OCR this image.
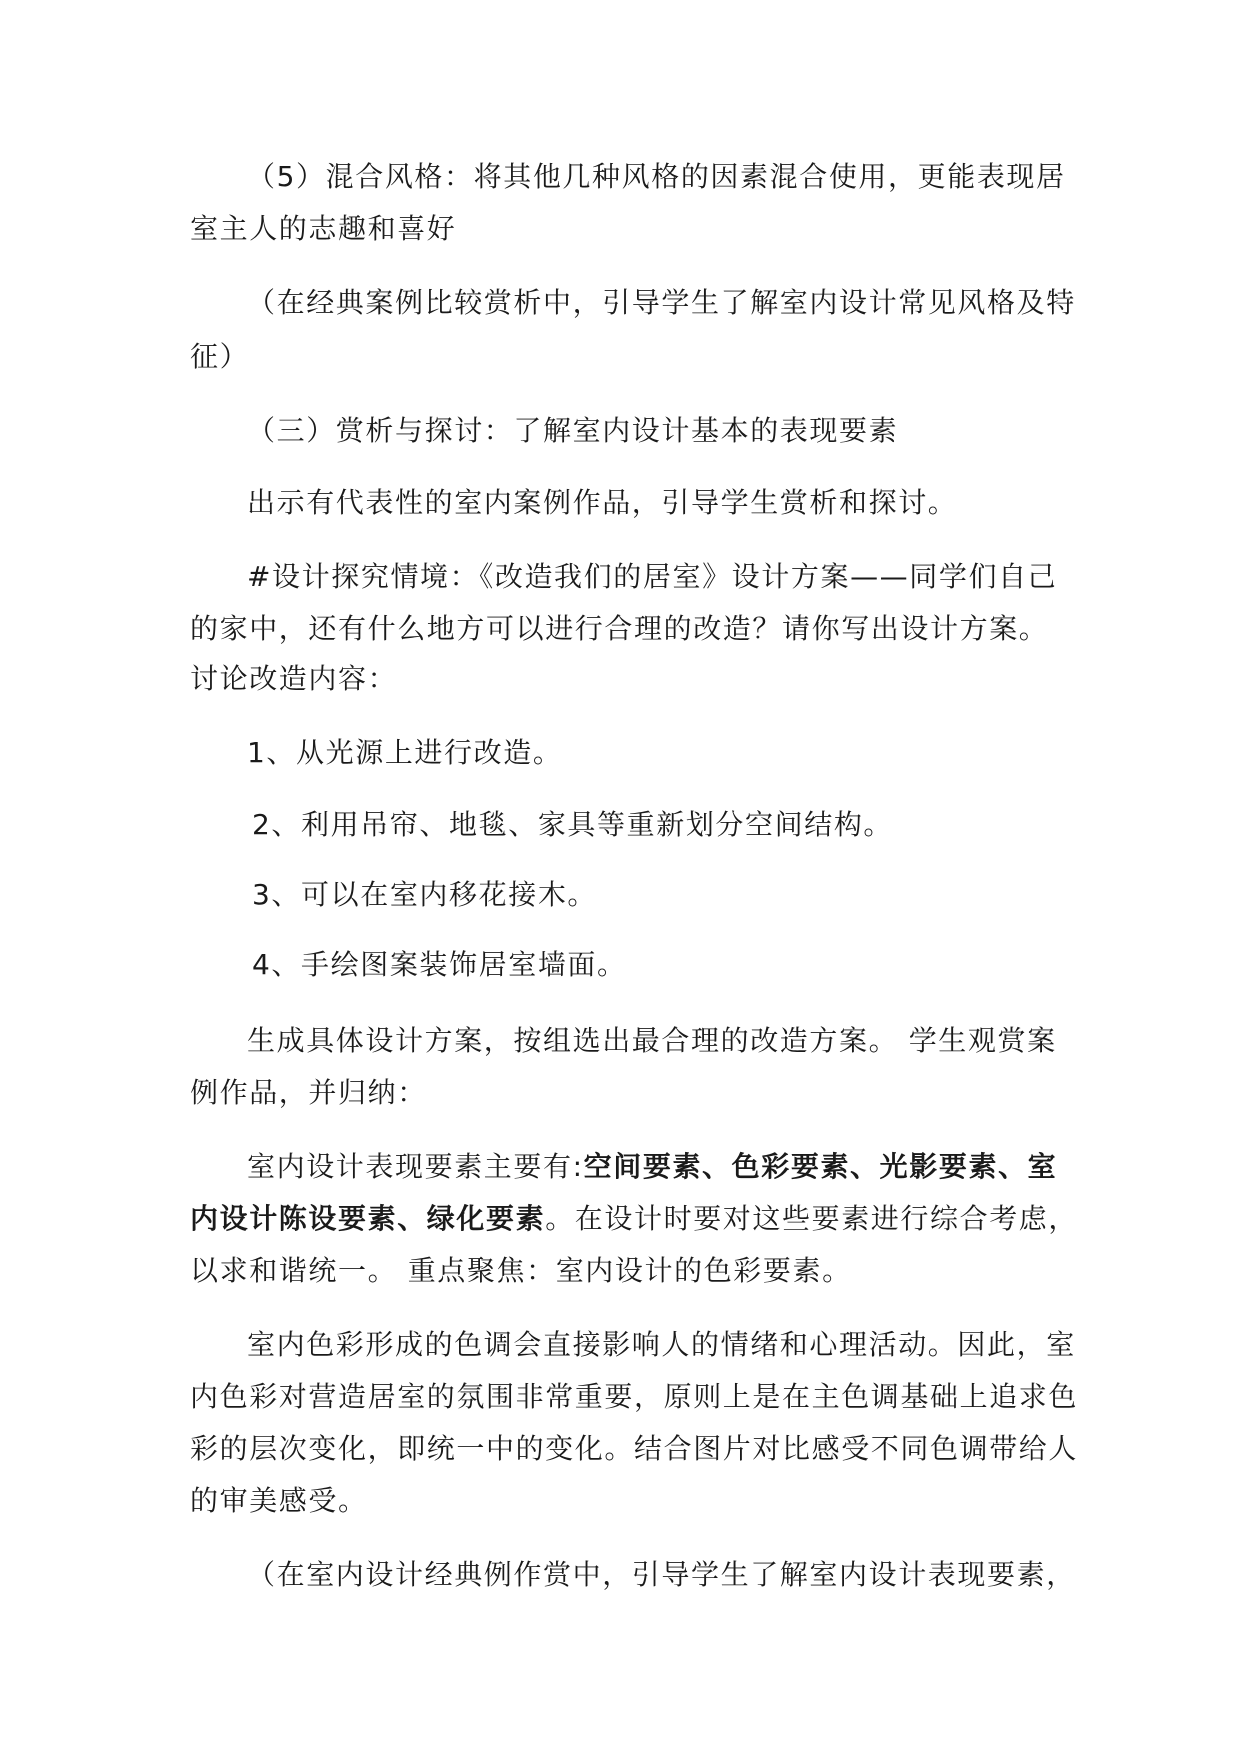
（5）混合风格：将其他几种风格的因素混合使用，更能表现居
室主人的志趣和喜好
（在经典案例比较赏析中，引导学生了解室内设计常见风格及特
征）
（三）赏析与探讨：了解室内设计基本的表现要素
出示有代表性的室内案例作品，引导学生赏析和探讨。
#设计探究情境：《改造我们的居室》设计方案——同学们自己
的家中，还有什么地方可以进行合理的改造？请你写出设计方案。
讨论改造内容：
1、从光源上进行改造。
2、利用吊帘、地毯、家具等重新划分空间结构。
3、可以在室内移花接木。
4、手绘图案装饰居室墙面。
生成具体设计方案，按组选出最合理的改造方案。 学生观赏案
例作品，并归纳：
室内设计表现要素主要有:空间要素、色彩要素、光影要素、室
内设计陈设要素、绿化要素。在设计时要对这些要素进行综合考虑，
以求和谐统一。 重点聚焦：室内设计的色彩要素。
室内色彩形成的色调会直接影响人的情绪和心理活动。因此，室
内色彩对营造居室的氛围非常重要，原则上是在主色调基础上追求色
彩的层次变化，即统一中的变化。结合图片对比感受不同色调带给人
的审美感受。
（在室内设计经典例作赏中，引导学生了解室内设计表现要素，
